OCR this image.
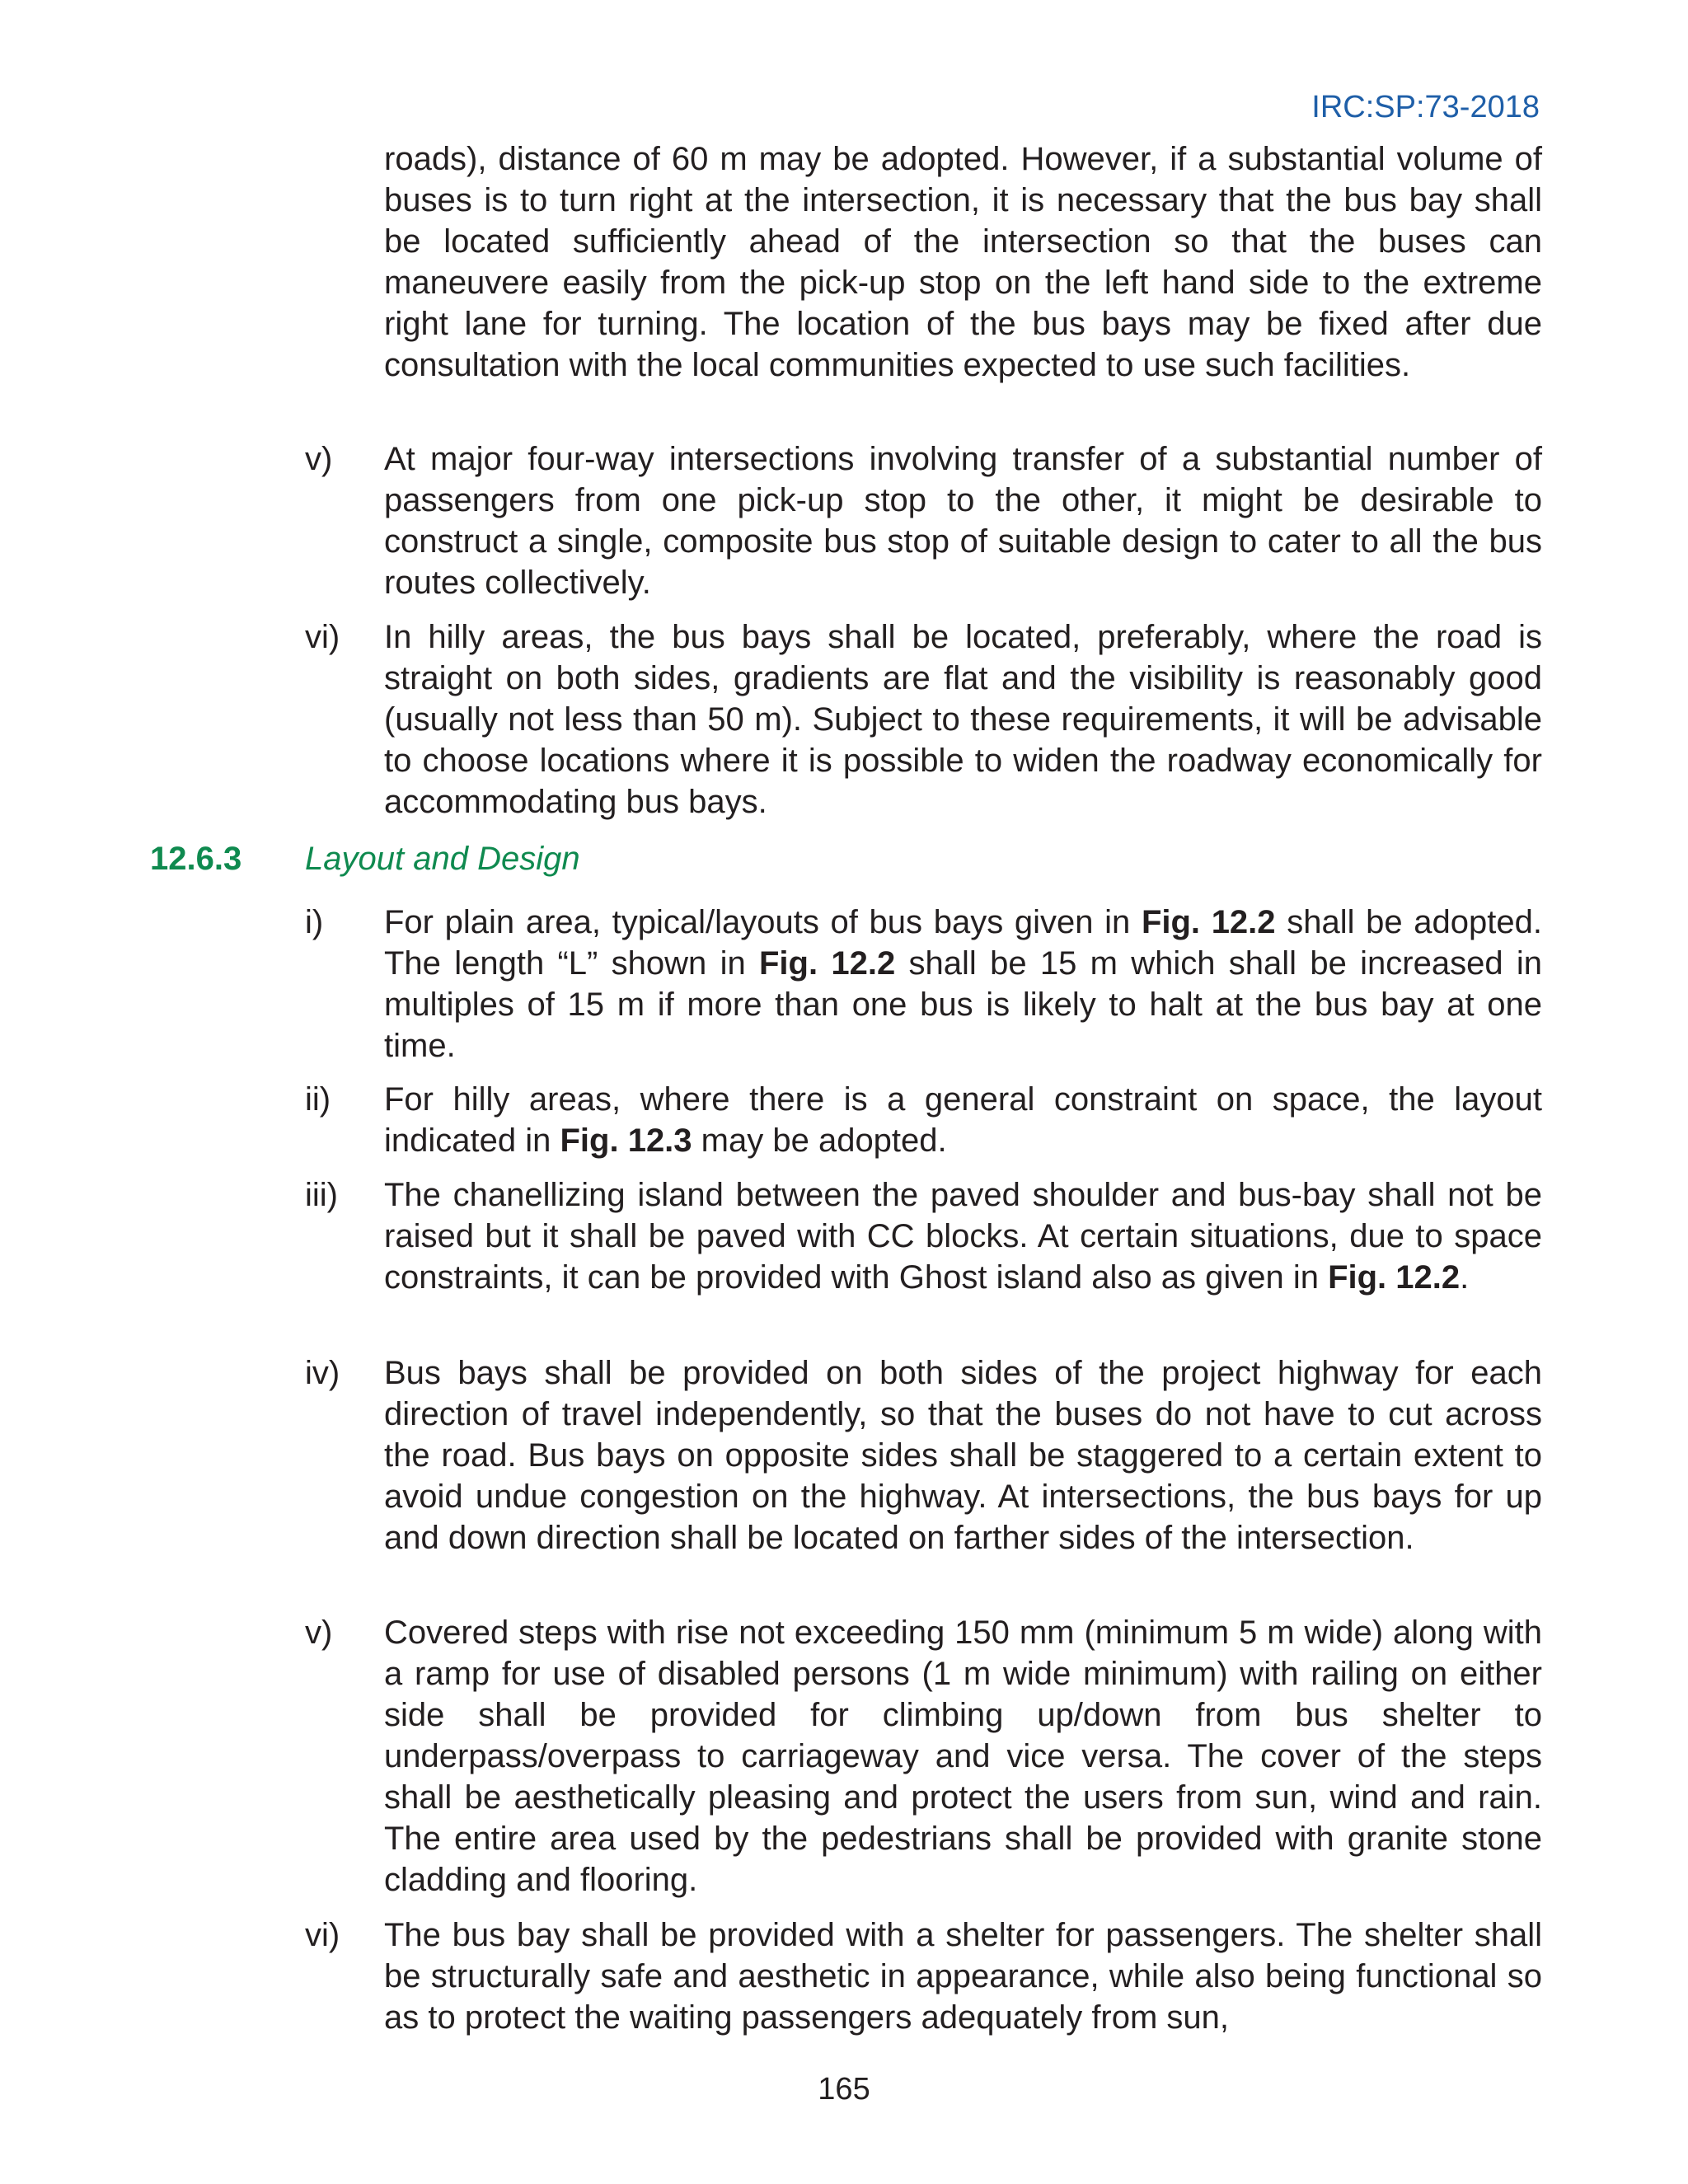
IRC:SP:73-2018

roads), distance of 60 m may be adopted. However, if a substantial volume of buses is to turn right at the intersection, it is necessary that the bus bay shall be located sufficiently ahead of the intersection so that the buses can maneuvere easily from the pick-up stop on the left hand side to the extreme right lane for turning. The location of the bus bays may be fixed after due consultation with the local communities expected to use such facilities.

v)	At major four-way intersections involving transfer of a substantial number of passengers from one pick-up stop to the other, it might be desirable to construct a single, composite bus stop of suitable design to cater to all the bus routes collectively.
vi)	In hilly areas, the bus bays shall be located, preferably, where the road is straight on both sides, gradients are flat and the visibility is reasonably good (usually not less than 50 m). Subject to these requirements, it will be advisable to choose locations where it is possible to widen the roadway economically for accommodating bus bays.
12.6.3 Layout and Design
i)	For plain area, typical/layouts of bus bays given in Fig. 12.2 shall be adopted. The length “L” shown in Fig. 12.2 shall be 15 m which shall be increased in multiples of 15 m if more than one bus is likely to halt at the bus bay at one time.
ii)	For hilly areas, where there is a general constraint on space, the layout indicated in Fig. 12.3 may be adopted.
iii)	The chanellizing island between the paved shoulder and bus-bay shall not be raised but it shall be paved with CC blocks. At certain situations, due to space constraints, it can be provided with Ghost island also as given in Fig. 12.2.
iv)	Bus bays shall be provided on both sides of the project highway for each direction of travel independently, so that the buses do not have to cut across the road. Bus bays on opposite sides shall be staggered to a certain extent to avoid undue congestion on the highway. At intersections, the bus bays for up and down direction shall be located on farther sides of the intersection.
v)	Covered steps with rise not exceeding 150 mm (minimum 5 m wide) along with a ramp for use of disabled persons (1 m wide minimum) with railing on either side shall be provided for climbing up/down from bus shelter to underpass/overpass to carriageway and vice versa. The cover of the steps shall be aesthetically pleasing and protect the users from sun, wind and rain. The entire area used by the pedestrians shall be provided with granite stone cladding and flooring.
vi)	The bus bay shall be provided with a shelter for passengers. The shelter shall be structurally safe and aesthetic in appearance, while also being functional so as to protect the waiting passengers adequately from sun,
165
